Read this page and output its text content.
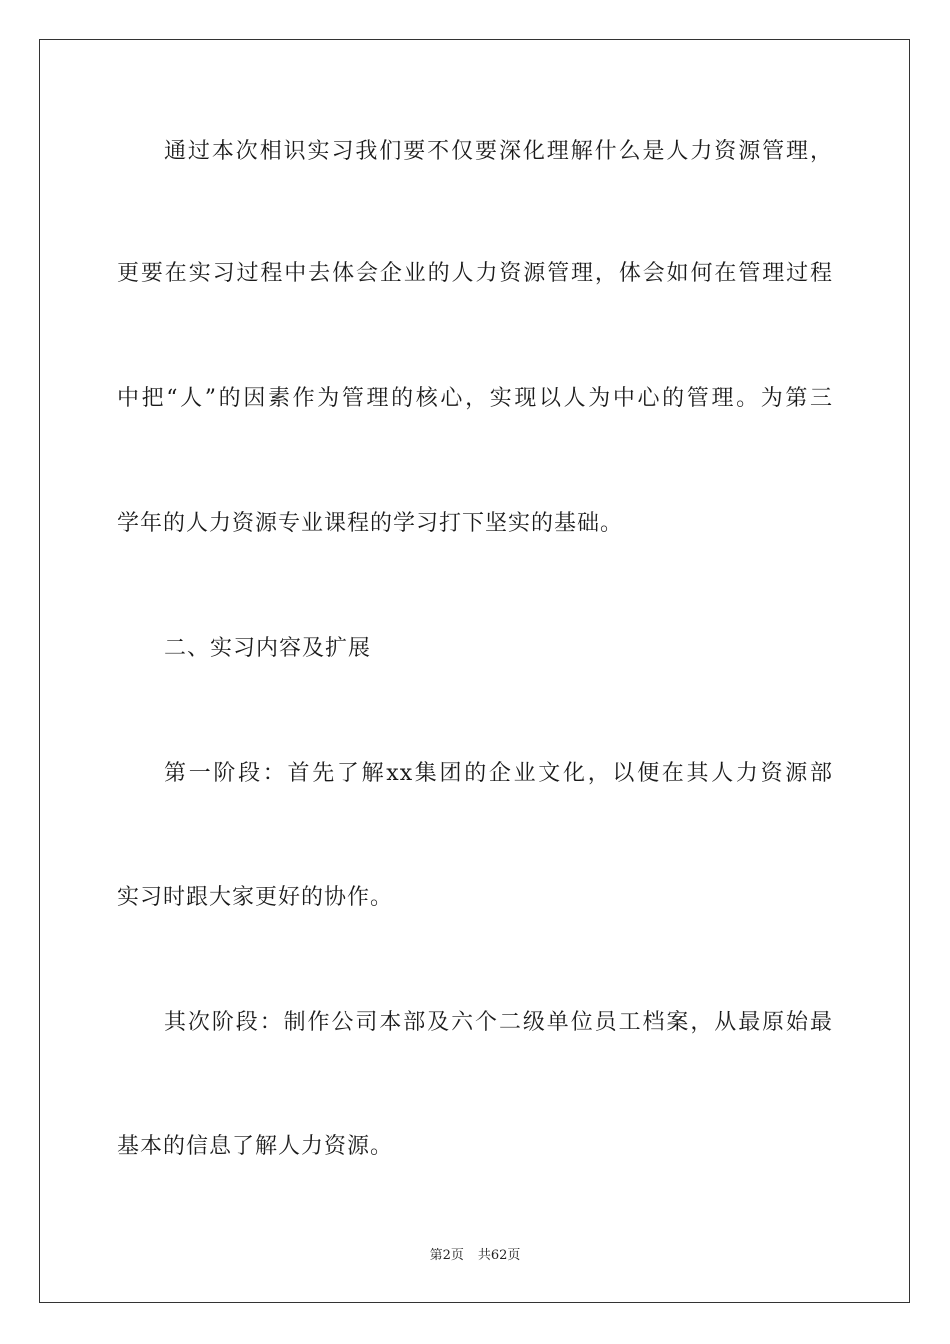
通过本次相识实习我们要不仅要深化理解什么是人力资源管理，
更要在实习过程中去体会企业的人力资源管理，体会如何在管理过程
中把“人”的因素作为管理的核心，实现以人为中心的管理。为第三
学年的人力资源专业课程的学习打下坚实的基础。
二、实习内容及扩展
第一阶段：首先了解xx集团的企业文化，以便在其人力资源部
实习时跟大家更好的协作。
其次阶段：制作公司本部及六个二级单位员工档案，从最原始最
基本的信息了解人力资源。
第2页 共62页
